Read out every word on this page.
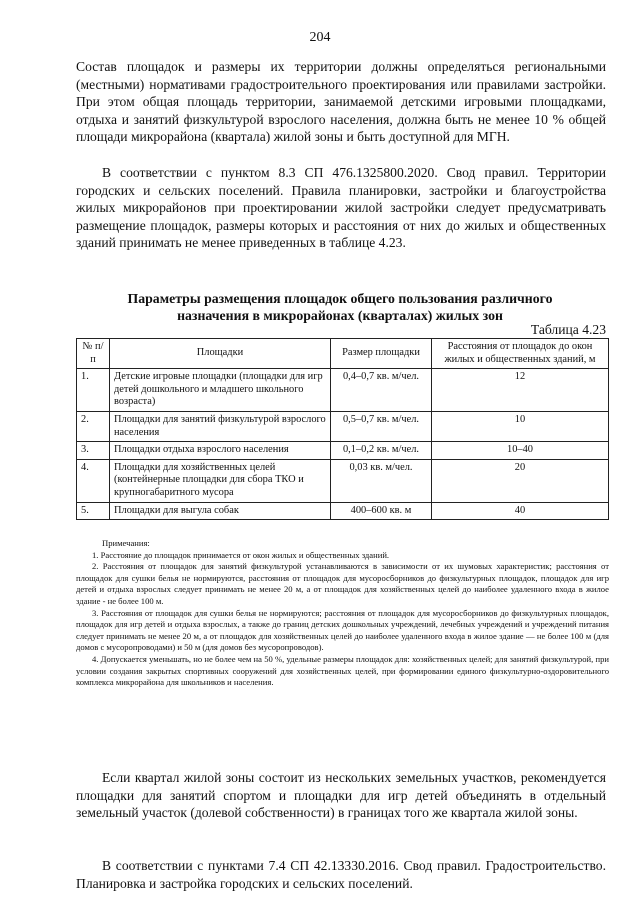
204

Состав площадок и размеры их территории должны определяться региональными (местными) нормативами градостроительного проектирования или правилами застройки. При этом общая площадь территории, занимаемой детскими игровыми площадками, отдыха и занятий физкультурой взрослого населения, должна быть не менее 10 % общей площади микрорайона (квартала) жилой зоны и быть доступной для МГН.

В соответствии с пунктом 8.3 СП 476.1325800.2020. Свод правил. Территории городских и сельских поселений. Правила планировки, застройки и благоустройства жилых микрорайонов при проектировании жилой застройки следует предусматривать размещение площадок, размеры которых и расстояния от них до жилых и общественных зданий принимать не менее приведенных в таблице 4.23.

Параметры размещения площадок общего пользования различного назначения в микрорайонах (кварталах) жилых зон
Таблица 4.23
№ п/п	Площадки	Размер площадки	Расстояния от площадок до окон жилых и общественных зданий, м
1.	Детские игровые площадки (площадки для игр детей дошкольного и младшего школьного возраста)	0,4–0,7 кв. м/чел.	12
2.	Площадки для занятий физкультурой взрослого населения	0,5–0,7 кв. м/чел.	10
3.	Площадки отдыха взрослого населения	0,1–0,2 кв. м/чел.	10–40
4.	Площадки для хозяйственных целей (контейнерные площадки для сбора ТКО и крупногабаритного мусора	0,03 кв. м/чел.	20
5.	Площадки для выгула собак	400–600 кв. м	40

Примечания:

1. Расстояние до площадок принимается от окон жилых и общественных зданий.

2. Расстояния от площадок для занятий физкультурой устанавливаются в зависимости от их шумовых характеристик; расстояния от площадок для сушки белья не нормируются, расстояния от площадок для мусоросборников до физкультурных площадок, площадок для игр детей и отдыха взрослых следует принимать не менее 20 м, а от площадок для хозяйственных целей до наиболее удаленного входа в жилое здание - не более 100 м.

3. Расстояния от площадок для сушки белья не нормируются; расстояния от площадок для мусоросборников до физкультурных площадок, площадок для игр детей и отдыха взрослых, а также до границ детских дошкольных учреждений, лечебных учреждений и учреждений питания следует принимать не менее 20 м, а от площадок для хозяйственных целей до наиболее удаленного входа в жилое здание — не более 100 м (для домов с мусоропроводами) и 50 м (для домов без мусоропроводов).

4. Допускается уменьшать, но не более чем на 50 %, удельные размеры площадок для: хозяйственных целей; для занятий физкультурой, при условии создания закрытых спортивных сооружений для хозяйственных целей, при формировании единого физкультурно-оздоровительного комплекса микрорайона для школьников и населения.

Если квартал жилой зоны состоит из нескольких земельных участков, рекомендуется площадки для занятий спортом и площадки для игр детей объединять в отдельный земельный участок (долевой собственности) в границах того же квартала жилой зоны.

В соответствии с пунктами 7.4 СП 42.13330.2016. Свод правил. Градостроительство. Планировка и застройка городских и сельских поселений.
